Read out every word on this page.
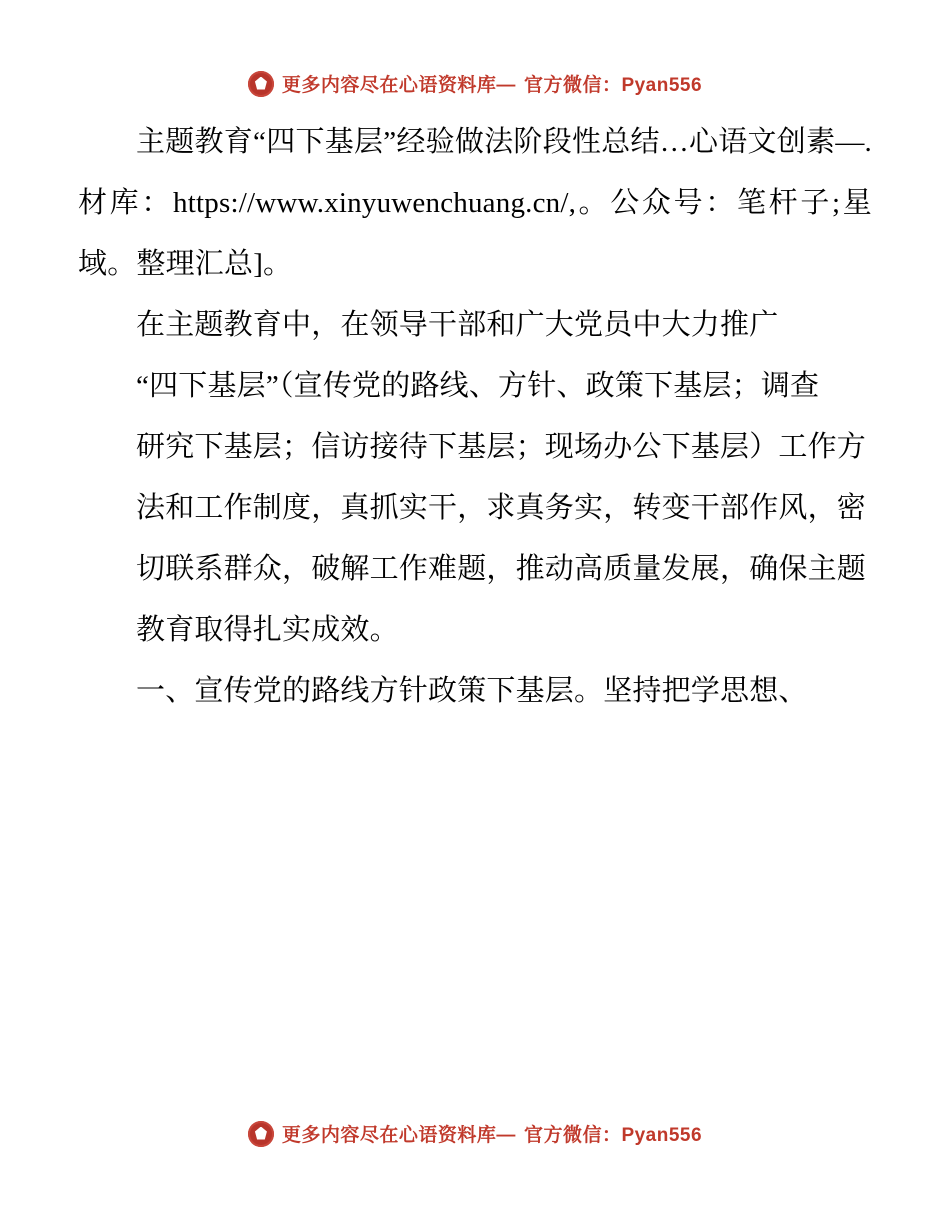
更多内容尽在心语资料库— 官方微信：Pyan556

主题教育“四下基层”经验做法阶段性总结…心语文创素—.材库：https://www.xinyuwenchuang.cn/,。公众号：笔杆子;星域。整理汇总]。

在主题教育中，在领导干部和广大党员中大力推广

“四下基层”（宣传党的路线、方针、政策下基层；调查

研究下基层；信访接待下基层；现场办公下基层）工作方

法和工作制度，真抓实干，求真务实，转变干部作风，密

切联系群众，破解工作难题，推动高质量发展，确保主题

教育取得扎实成效。

一、宣传党的路线方针政策下基层。坚持把学思想、

更多内容尽在心语资料库— 官方微信：Pyan556
